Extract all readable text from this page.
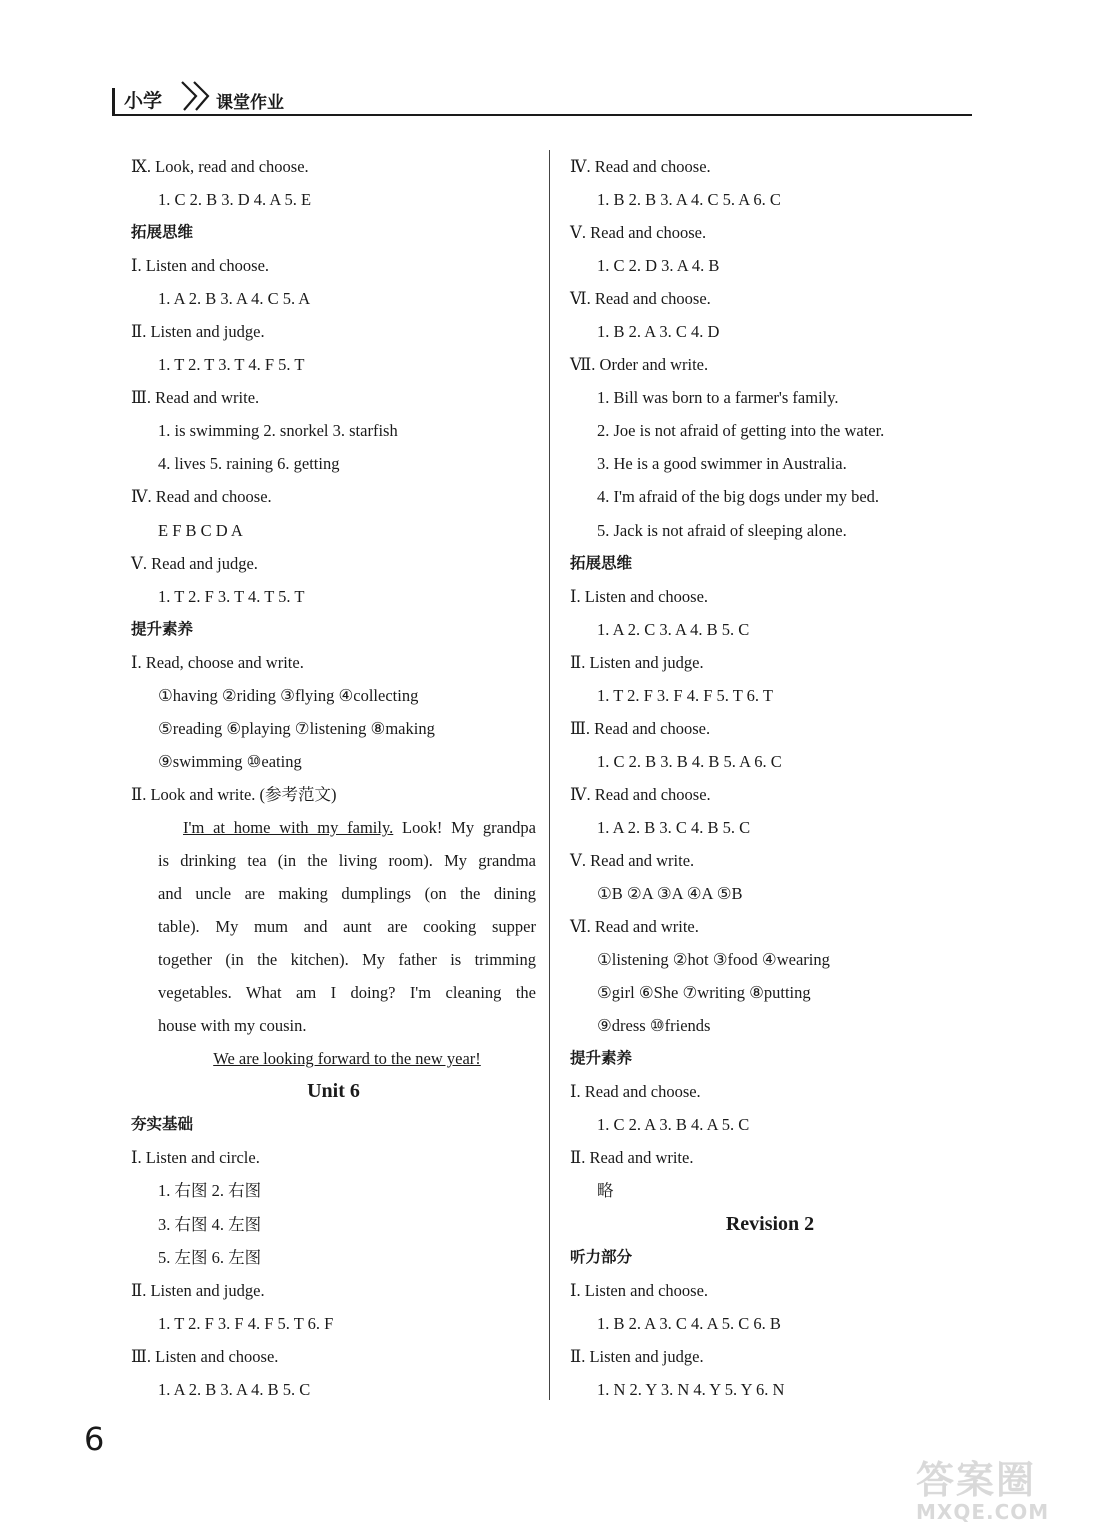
小学	课堂作业
Ⅸ. Look, read and choose.
1. C 2. B 3. D 4. A 5. E
拓展思维
Ⅰ. Listen and choose.
1. A 2. B 3. A 4. C 5. A
Ⅱ. Listen and judge.
1. T 2. T 3. T 4. F 5. T
Ⅲ. Read and write.
1. is swimming 2. snorkel 3. starfish
4. lives 5. raining 6. getting
Ⅳ. Read and choose.
E F B C D A
Ⅴ. Read and judge.
1. T 2. F 3. T 4. T 5. T
提升素养
Ⅰ. Read, choose and write.
①having ②riding ③flying ④collecting
⑤reading ⑥playing ⑦listening ⑧making
⑨swimming ⑩eating
Ⅱ. Look and write. (参考范文)
I'm at home with my family. Look! My grandpa
is drinking tea (in the living room). My grandma
and uncle are making dumplings (on the dining
table). My mum and aunt are cooking supper
together (in the kitchen). My father is trimming
vegetables. What am I doing? I'm cleaning the
house with my cousin.
We are looking forward to the new year!
Unit 6
夯实基础
Ⅰ. Listen and circle.
1. 右图 2. 右图
3. 右图 4. 左图
5. 左图 6. 左图
Ⅱ. Listen and judge.
1. T 2. F 3. F 4. F 5. T 6. F
Ⅲ. Listen and choose.
1. A 2. B 3. A 4. B 5. C
Ⅳ. Read and choose.
1. B 2. B 3. A 4. C 5. A 6. C
Ⅴ. Read and choose.
1. C 2. D 3. A 4. B
Ⅵ. Read and choose.
1. B 2. A 3. C 4. D
Ⅶ. Order and write.
1. Bill was born to a farmer's family.
2. Joe is not afraid of getting into the water.
3. He is a good swimmer in Australia.
4. I'm afraid of the big dogs under my bed.
5. Jack is not afraid of sleeping alone.
拓展思维
Ⅰ. Listen and choose.
1. A 2. C 3. A 4. B 5. C
Ⅱ. Listen and judge.
1. T 2. F 3. F 4. F 5. T 6. T
Ⅲ. Read and choose.
1. C 2. B 3. B 4. B 5. A 6. C
Ⅳ. Read and choose.
1. A 2. B 3. C 4. B 5. C
Ⅴ. Read and write.
①B ②A ③A ④A ⑤B
Ⅵ. Read and write.
①listening ②hot ③food ④wearing
⑤girl ⑥She ⑦writing ⑧putting
⑨dress ⑩friends
提升素养
Ⅰ. Read and choose.
1. C 2. A 3. B 4. A 5. C
Ⅱ. Read and write.
略
Revision 2
听力部分
Ⅰ. Listen and choose.
1. B 2. A 3. C 4. A 5. C 6. B
Ⅱ. Listen and judge.
1. N 2. Y 3. N 4. Y 5. Y 6. N
6
答案圈
MXQE.COM
